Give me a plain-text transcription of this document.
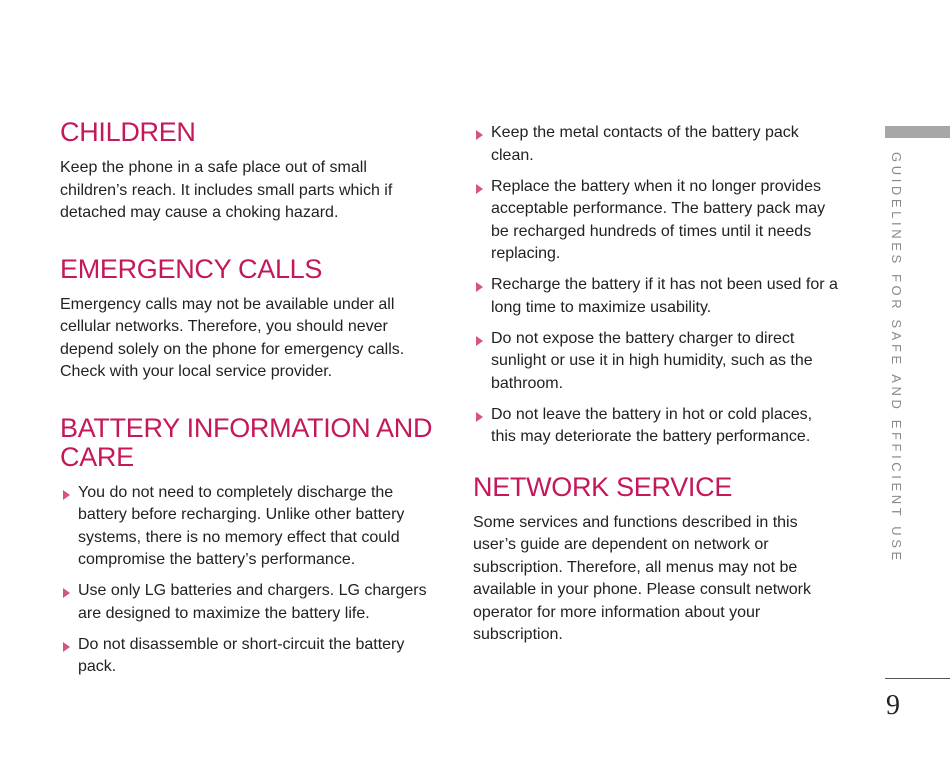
CHILDREN

Keep the phone in a safe place out of small children’s reach. It includes small parts which if detached may cause a choking hazard.

EMERGENCY CALLS

Emergency calls may not be available under all cellular networks. Therefore, you should never depend solely on the phone for emergency calls. Check with your local service provider.

BATTERY INFORMATION AND CARE
You do not need to completely discharge the battery before recharging. Unlike other battery systems, there is no memory effect that could compromise the battery’s performance.
Use only LG batteries and chargers. LG chargers are designed to maximize the battery life.
Do not disassemble or short-circuit the battery pack.
Keep the metal contacts of the battery pack clean.
Replace the battery when it no longer provides acceptable performance. The battery pack may be recharged hundreds of times until it needs replacing.
Recharge the battery if it has not been used for a long time to maximize usability.
Do not expose the battery charger to direct sunlight or use it in high humidity, such as the bathroom.
Do not leave the battery in hot or cold places, this may deteriorate the battery performance.
NETWORK SERVICE

Some services and functions described in this user’s guide are dependent on network or subscription. Therefore, all menus may not be available in your phone. Please consult network operator for more information about your subscription.

GUIDELINES FOR SAFE AND EFFICIENT USE
9
